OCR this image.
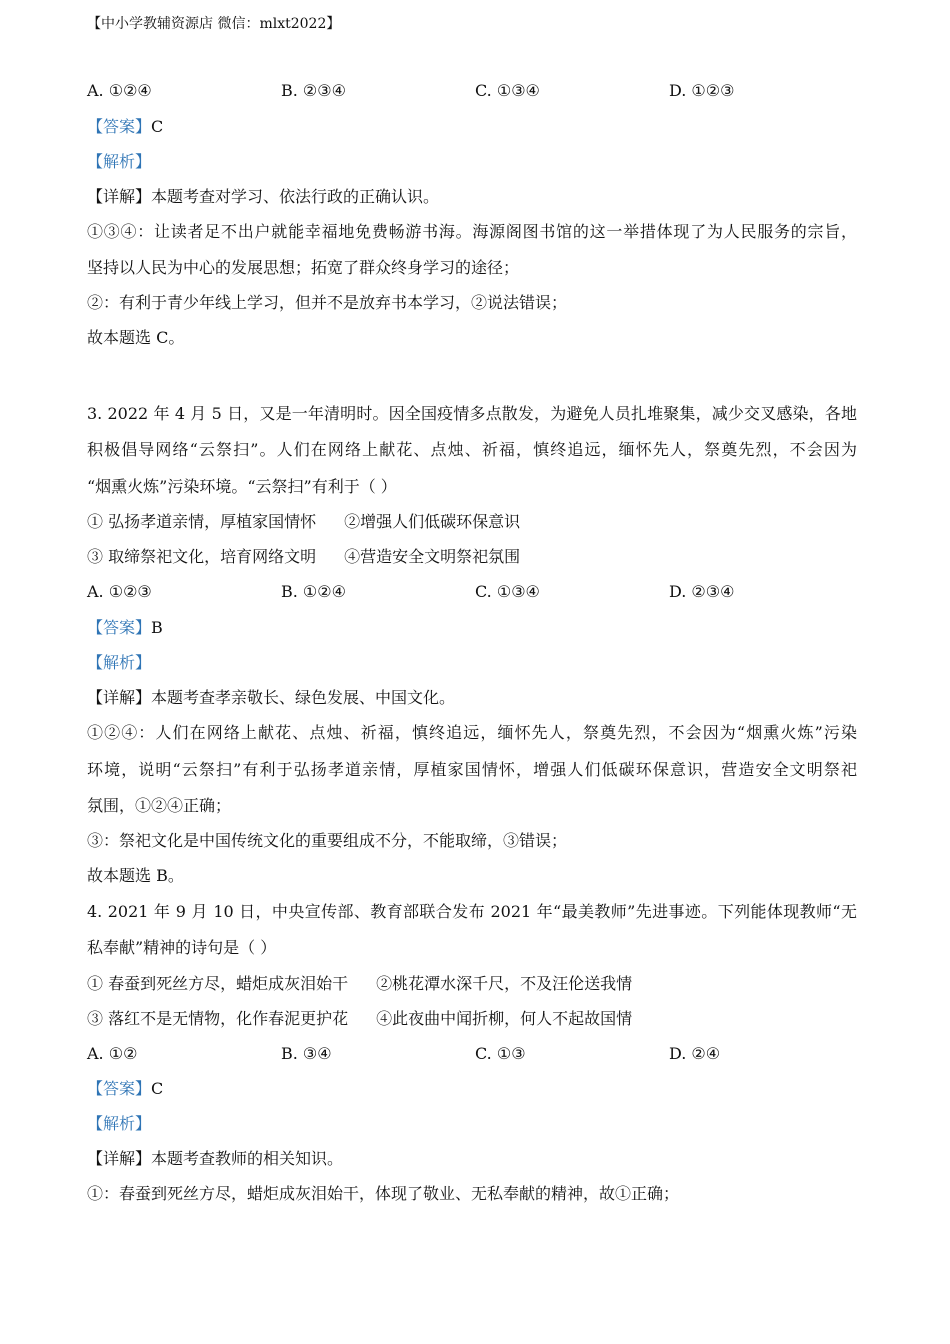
【中小学教辅资源店 微信：mlxt2022】
A. ①②④	B. ②③④	C. ①③④	D. ①②③
【答案】C
【解析】
【详解】本题考查对学习、依法行政的正确认识。
①③④：让读者足不出户就能幸福地免费畅游书海。海源阁图书馆的这一举措体现了为人民服务的宗旨，
坚持以人民为中心的发展思想；拓宽了群众终身学习的途径；
②：有利于青少年线上学习，但并不是放弃书本学习，②说法错误；
故本题选 C。
3. 2022 年 4 月 5 日，又是一年清明时。因全国疫情多点散发，为避免人员扎堆聚集，减少交叉感染，各地
积极倡导网络“云祭扫”。人们在网络上献花、点烛、祈福，慎终追远，缅怀先人，祭奠先烈，不会因为
“烟熏火炼”污染环境。“云祭扫”有利于（ ）
① 弘扬孝道亲情，厚植家国情怀 ②增强人们低碳环保意识
③ 取缔祭祀文化，培育网络文明 ④营造安全文明祭祀氛围
A. ①②③	B. ①②④	C. ①③④	D. ②③④
【答案】B
【解析】
【详解】本题考查孝亲敬长、绿色发展、中国文化。
①②④：人们在网络上献花、点烛、祈福，慎终追远，缅怀先人，祭奠先烈，不会因为“烟熏火炼”污染
环境，说明“云祭扫”有利于弘扬孝道亲情，厚植家国情怀，增强人们低碳环保意识，营造安全文明祭祀
氛围，①②④正确；
③：祭祀文化是中国传统文化的重要组成不分，不能取缔，③错误；
故本题选 B。
4. 2021 年 9 月 10 日，中央宣传部、教育部联合发布 2021 年“最美教师”先进事迹。下列能体现教师“无
私奉献”精神的诗句是（ ）
① 春蚕到死丝方尽，蜡炬成灰泪始干 ②桃花潭水深千尺，不及汪伦送我情
③ 落红不是无情物，化作春泥更护花 ④此夜曲中闻折柳，何人不起故国情
A. ①②	B. ③④	C. ①③	D. ②④
【答案】C
【解析】
【详解】本题考查教师的相关知识。
①：春蚕到死丝方尽，蜡炬成灰泪始干，体现了敬业、无私奉献的精神，故①正确；
